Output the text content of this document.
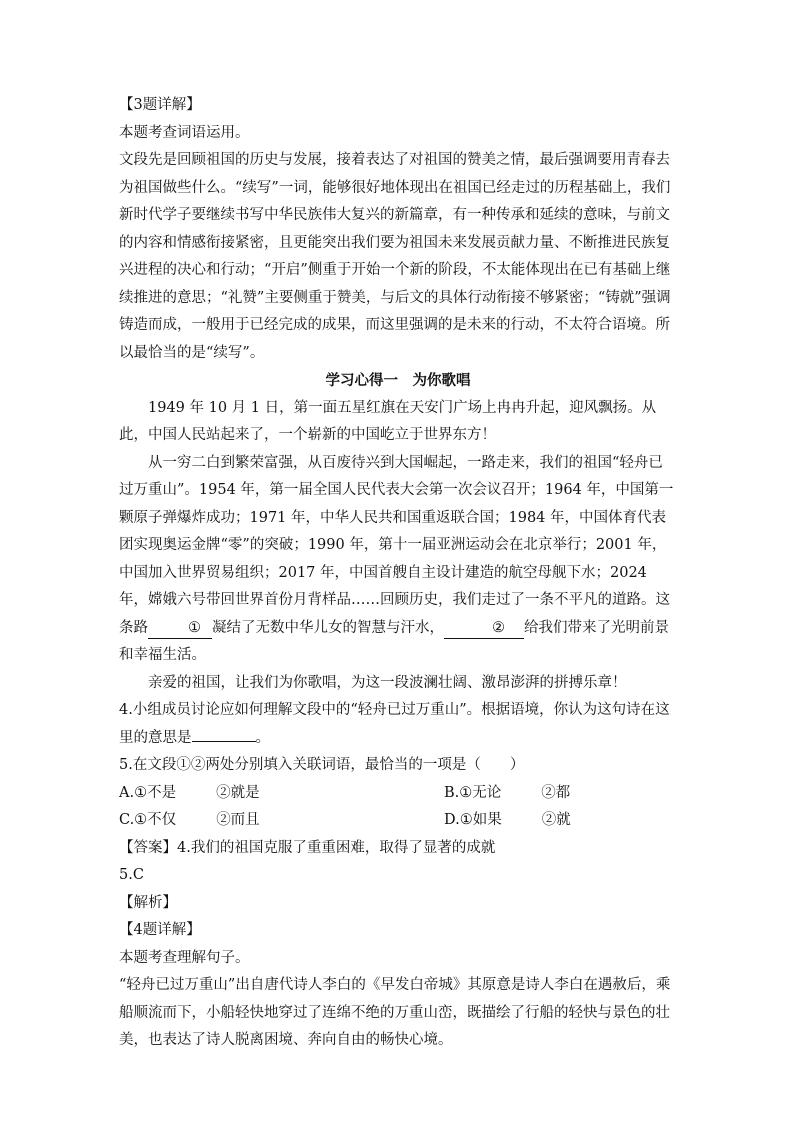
【3题详解】

本题考查词语运用。

文段先是回顾祖国的历史与发展，接着表达了对祖国的赞美之情，最后强调要用青春去为祖国做些什么。“续写”一词，能够很好地体现出在祖国已经走过的历程基础上，我们新时代学子要继续书写中华民族伟大复兴的新篇章，有一种传承和延续的意味，与前文的内容和情感衔接紧密，且更能突出我们要为祖国未来发展贡献力量、不断推进民族复兴进程的决心和行动；“开启”侧重于开始一个新的阶段，不太能体现出在已有基础上继续推进的意思；“礼赞”主要侧重于赞美，与后文的具体行动衔接不够紧密；“铸就”强调铸造而成，一般用于已经完成的成果，而这里强调的是未来的行动，不太符合语境。所以最恰当的是“续写”。

学习心得一　为你歌唱

1949 年 10 月 1 日，第一面五星红旗在天安门广场上冉冉升起，迎风飘扬。从此，中国人民站起来了，一个崭新的中国屹立于世界东方！

从一穷二白到繁荣富强，从百废待兴到大国崛起，一路走来，我们的祖国“轻舟已过万重山”。1954 年，第一届全国人民代表大会第一次会议召开；1964 年，中国第一颗原子弹爆炸成功；1971 年，中华人民共和国重返联合国；1984 年，中国体育代表团实现奥运金牌“零”的突破；1990 年，第十一届亚洲运动会在北京举行；2001 年，中国加入世界贸易组织；2017 年，中国首艘自主设计建造的航空母舰下水；2024 年，嫦娥六号带回世界首份月背样品……回顾历史，我们走过了一条不平凡的道路。这条路	① 凝结了无数中华儿女的智慧与汗水，	② 给我们带来了光明前景和幸福生活。

亲爱的祖国，让我们为你歌唱，为这一段波澜壮阔、激昂澎湃的拼搏乐章！

4.小组成员讨论应如何理解文段中的“轻舟已过万重山”。根据语境，你认为这句诗在这里的意思是	。

5.在文段①②两处分别填入关联词语，最恰当的一项是（　　）

A.①不是	②就是	B.①无论	②都
C.①不仅	②而且	D.①如果	②就

【答案】4.我们的祖国克服了重重困难，取得了显著的成就

5.C

【解析】

【4题详解】

本题考查理解句子。

“轻舟已过万重山”出自唐代诗人李白的《早发白帝城》其原意是诗人李白在遇赦后，乘船顺流而下，小船轻快地穿过了连绵不绝的万重山峦，既描绘了行船的轻快与景色的壮美，也表达了诗人脱离困境、奔向自由的畅快心境。
